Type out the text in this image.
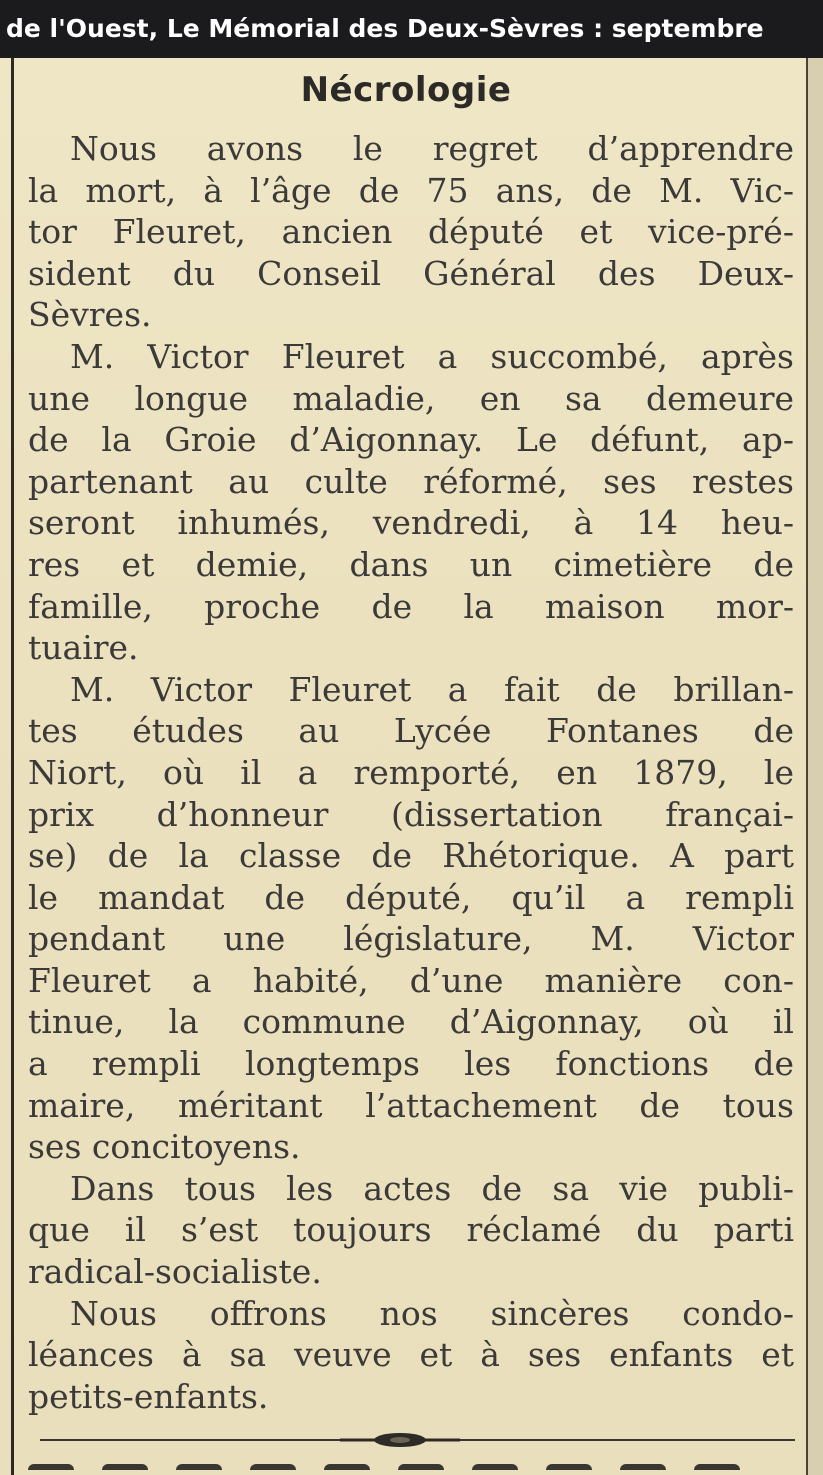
de l'Ouest, Le Mémorial des Deux-Sèvres : septembre
Nécrologie
Nous avons le regret d’apprendre
la mort, à l’âge de 75 ans, de M. Vic-
tor Fleuret, ancien député et vice-pré-
sident du Conseil Général des Deux-
Sèvres.
M. Victor Fleuret a succombé, après
une longue maladie, en sa demeure
de la Groie d’Aigonnay. Le défunt, ap-
partenant au culte réformé, ses restes
seront inhumés, vendredi, à 14 heu-
res et demie, dans un cimetière de
famille, proche de la maison mor-
tuaire.
M. Victor Fleuret a fait de brillan-
tes études au Lycée Fontanes de
Niort, où il a remporté, en 1879, le
prix d’honneur (dissertation françai-
se) de la classe de Rhétorique. A part
le mandat de député, qu’il a rempli
pendant une législature, M. Victor
Fleuret a habité, d’une manière con-
tinue, la commune d’Aigonnay, où il
a rempli longtemps les fonctions de
maire, méritant l’attachement de tous
ses concitoyens.
Dans tous les actes de sa vie publi-
que il s’est toujours réclamé du parti
radical-socialiste.
Nous offrons nos sincères condo-
léances à sa veuve et à ses enfants et
petits-enfants.
